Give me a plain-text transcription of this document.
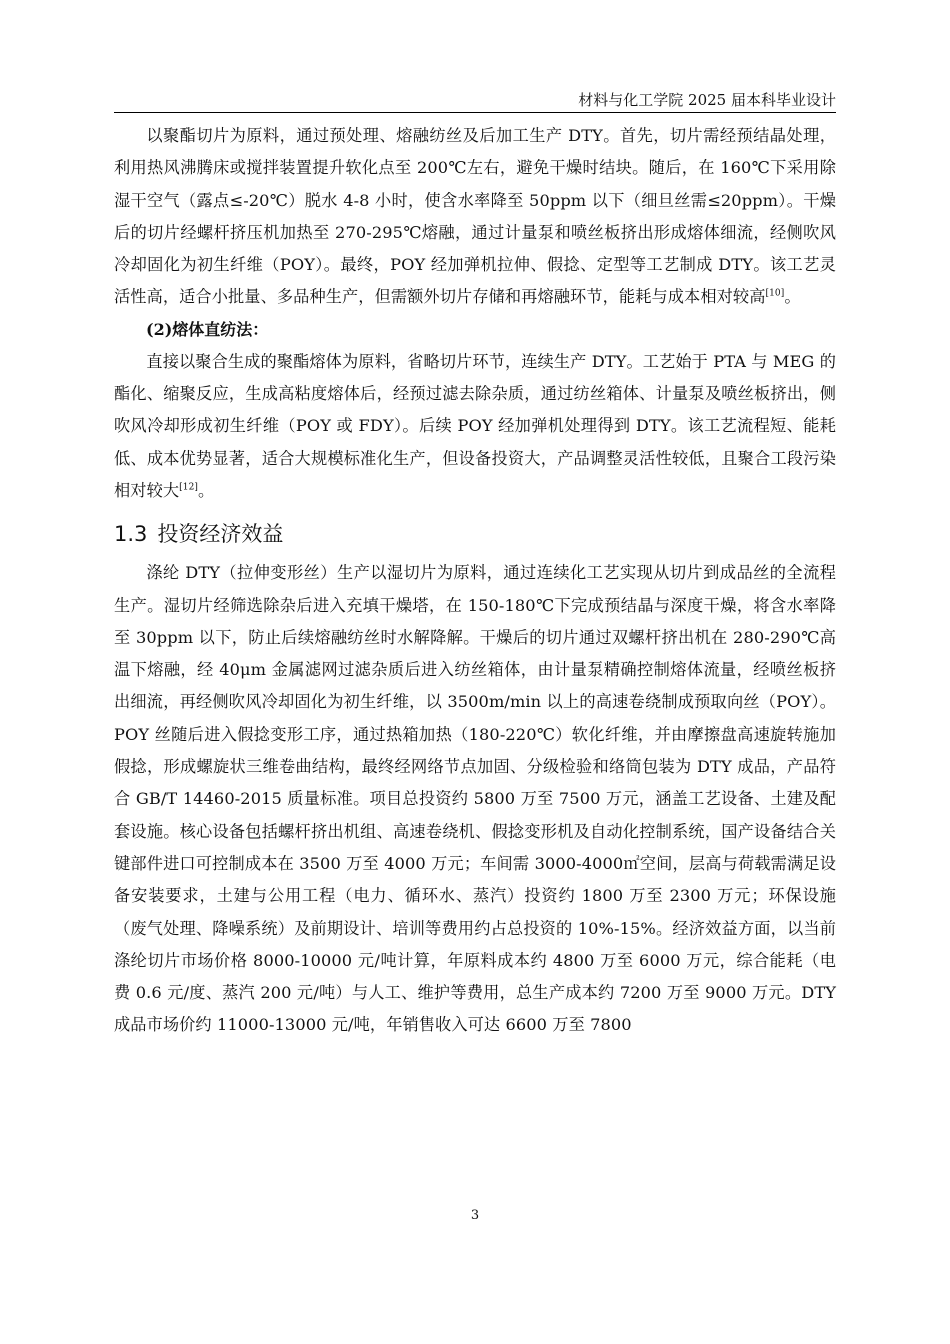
材料与化工学院 2025 届本科毕业设计

以聚酯切片为原料，通过预处理、熔融纺丝及后加工生产 DTY。首先，切片需经预结晶处理，利用热风沸腾床或搅拌装置提升软化点至 200℃左右，避免干燥时结块。随后，在 160℃下采用除湿干空气（露点≤-20℃）脱水 4-8 小时，使含水率降至 50ppm 以下（细旦丝需≤20ppm）。干燥后的切片经螺杆挤压机加热至 270-295℃熔融，通过计量泵和喷丝板挤出形成熔体细流，经侧吹风冷却固化为初生纤维（POY）。最终，POY 经加弹机拉伸、假捻、定型等工艺制成 DTY。该工艺灵活性高，适合小批量、多品种生产，但需额外切片存储和再熔融环节，能耗与成本相对较高[10]。

(2)熔体直纺法：

直接以聚合生成的聚酯熔体为原料，省略切片环节，连续生产 DTY。工艺始于 PTA 与 MEG 的酯化、缩聚反应，生成高粘度熔体后，经预过滤去除杂质，通过纺丝箱体、计量泵及喷丝板挤出，侧吹风冷却形成初生纤维（POY 或 FDY）。后续 POY 经加弹机处理得到 DTY。该工艺流程短、能耗低、成本优势显著，适合大规模标准化生产，但设备投资大，产品调整灵活性较低，且聚合工段污染相对较大[12]。

1.3 投资经济效益

涤纶 DTY（拉伸变形丝）生产以湿切片为原料，通过连续化工艺实现从切片到成品丝的全流程生产。湿切片经筛选除杂后进入充填干燥塔，在 150-180℃下完成预结晶与深度干燥，将含水率降至 30ppm 以下，防止后续熔融纺丝时水解降解。干燥后的切片通过双螺杆挤出机在 280-290℃高温下熔融，经 40μm 金属滤网过滤杂质后进入纺丝箱体，由计量泵精确控制熔体流量，经喷丝板挤出细流，再经侧吹风冷却固化为初生纤维，以 3500m/min 以上的高速卷绕制成预取向丝（POY）。POY 丝随后进入假捻变形工序，通过热箱加热（180-220℃）软化纤维，并由摩擦盘高速旋转施加假捻，形成螺旋状三维卷曲结构，最终经网络节点加固、分级检验和络筒包装为 DTY 成品，产品符合 GB/T 14460-2015 质量标准。项目总投资约 5800 万至 7500 万元，涵盖工艺设备、土建及配套设施。核心设备包括螺杆挤出机组、高速卷绕机、假捻变形机及自动化控制系统，国产设备结合关键部件进口可控制成本在 3500 万至 4000 万元；车间需 3000-4000㎡空间，层高与荷载需满足设备安装要求，土建与公用工程（电力、循环水、蒸汽）投资约 1800 万至 2300 万元；环保设施（废气处理、降噪系统）及前期设计、培训等费用约占总投资的 10%-15%。经济效益方面，以当前涤纶切片市场价格 8000-10000 元/吨计算，年原料成本约 4800 万至 6000 万元，综合能耗（电费 0.6 元/度、蒸汽 200 元/吨）与人工、维护等费用，总生产成本约 7200 万至 9000 万元。DTY 成品市场价约 11000-13000 元/吨，年销售收入可达 6600 万至 7800

3
